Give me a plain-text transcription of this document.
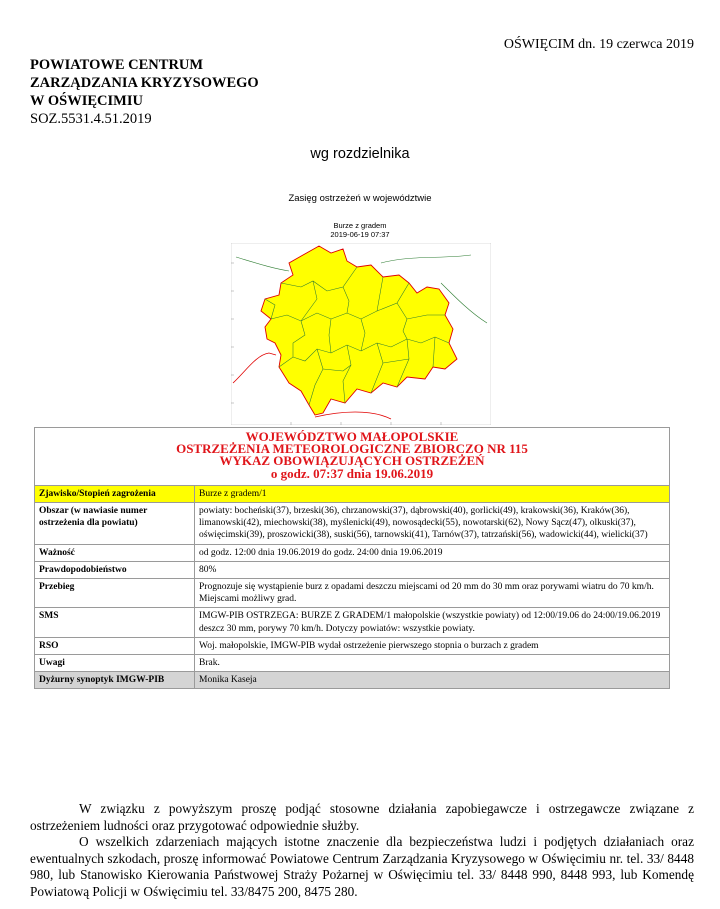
OŚWIĘCIM dn. 19 czerwca 2019
POWIATOWE CENTRUM
ZARZĄDZANIA KRYZYSOWEGO
W OŚWIĘCIMIU
SOZ.5531.4.51.2019
wg rozdzielnika
Zasięg ostrzeżeń w województwie
Burze z gradem
2019-06-19 07:37
WOJEWÓDZTWO MAŁOPOLSKIE
OSTRZEŻENIA METEOROLOGICZNE ZBIORCZO NR 115
WYKAZ OBOWIĄZUJĄCYCH OSTRZEŻEŃ
o godz. 07:37 dnia 19.06.2019	

Zjawisko/Stopień zagrożenia	Burze z gradem/1
Obszar (w nawiasie numer ostrzeżenia dla powiatu)	powiaty: bocheński(37), brzeski(36), chrzanowski(37), dąbrowski(40), gorlicki(49), krakowski(36), Kraków(36), limanowski(42), miechowski(38), myślenicki(49), nowosądecki(55), nowotarski(62), Nowy Sącz(47), olkuski(37), oświęcimski(39), proszowicki(38), suski(56), tarnowski(41), Tarnów(37), tatrzański(56), wadowicki(44), wielicki(37)
Ważność	od godz. 12:00 dnia 19.06.2019 do godz. 24:00 dnia 19.06.2019
Prawdopodobieństwo	80%
Przebieg	Prognozuje się wystąpienie burz z opadami deszczu miejscami od 20 mm do 30 mm oraz porywami wiatru do 70 km/h. Miejscami możliwy grad.
SMS	IMGW-PIB OSTRZEGA: BURZE Z GRADEM/1 małopolskie (wszystkie powiaty) od 12:00/19.06 do 24:00/19.06.2019 deszcz 30 mm, porywy 70 km/h. Dotyczy powiatów: wszystkie powiaty.
RSO	Woj. małopolskie, IMGW-PIB wydał ostrzeżenie pierwszego stopnia o burzach z gradem
Uwagi	Brak.
Dyżurny synoptyk IMGW-PIB	Monika Kaseja

W związku z powyższym proszę podjąć stosowne działania zapobiegawcze i ostrzegawcze związane z ostrzeżeniem ludności oraz przygotować odpowiednie służby.

O wszelkich zdarzeniach mających istotne znaczenie dla bezpieczeństwa ludzi i podjętych działaniach oraz ewentualnych szkodach, proszę informować Powiatowe Centrum Zarządzania Kryzysowego w Oświęcimiu nr. tel. 33/ 8448 980, lub Stanowisko Kierowania Państwowej Straży Pożarnej w Oświęcimiu tel. 33/ 8448 990, 8448 993, lub Komendę Powiatową Policji w Oświęcimiu tel. 33/8475 200, 8475 280.
